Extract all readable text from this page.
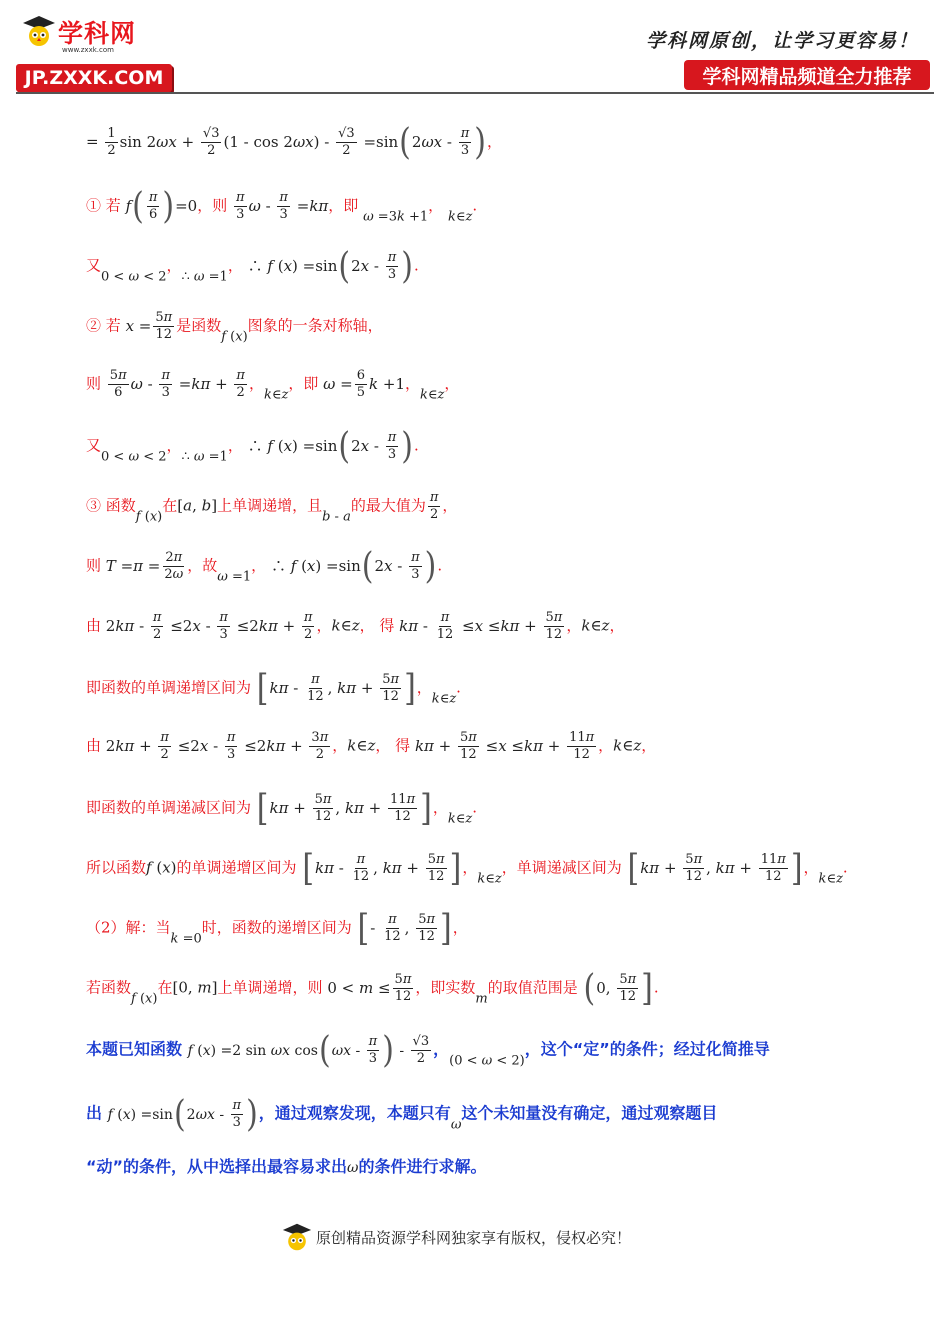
学科网
www.zxxk.com
JP.ZXXK.COM
学科网原创，让学习更容易！
学科网精品频道全力推荐
= $\frac{1}{2}$ $\sin 2\omega x + \frac{√3}{2} (1 - \cos 2\omega x) - \frac{√3}{2} =\sin(2\omega x - \frac{\pi}{3}$ )，
① 若 $f( \frac{\pi}{6} )=0$，则 $\frac{\pi}{3}$ $\omega - \frac{\pi}{3} =k\pi$，即 ω =3k +1， k∈z.
又0 < ω < 2，∴ ω =1， ∴ f $(x) =\sin(2x - \frac{\pi}{3}$ ).
② 若 $x = \frac{5\pi}{12}$ 是函数f (x)图象的一条对称轴，
则 $\frac{5\pi}{6}$ $\omega - \frac{\pi}{3} =k\pi + \frac{\pi}{2}$ ，k∈z，即 $\omega = \frac{6}{5}$ k +1，k∈z，
又0 < ω < 2，∴ ω =1， ∴ f $(x) =\sin(2x - \frac{\pi}{3}$ ).
③ 函数f (x)在[a, b]上单调递增，且b - a的最大值为 $\frac{\pi}{2}$ ，
则 $T =\pi = \frac{2\pi}{2\omega}$ ，故ω =1， ∴ f $(x) =\sin(2x - \frac{\pi}{3}$ ).
由 $2k\pi - \frac{\pi}{2} \le 2x - \frac{\pi}{3} \le 2k\pi + \frac{\pi}{2}$ ，k∈z， 得 $k\pi - \frac{\pi}{12} \le x \le k\pi + \frac{5\pi}{12}$ ，k∈z，
即函数的单调递增区间为 [$k\pi - \frac{\pi}{12}$ , $k\pi + \frac{5\pi}{12}$ ]，k∈z.
由 $2k\pi + \frac{\pi}{2} \le 2x - \frac{\pi}{3} \le 2k\pi + \frac{3\pi}{2}$ ，k∈z， 得 $k\pi + \frac{5\pi}{12} \le x \le k\pi + \frac{11\pi}{12}$ ，k∈z，
即函数的单调递减区间为 [$k\pi + \frac{5\pi}{12}$ , $k\pi + \frac{11\pi}{12}$ ]，k∈z.
所以函数f (x)的单调递增区间为 [$k\pi - \frac{\pi}{12}$ , $k\pi + \frac{5\pi}{12}$ ]，k∈z，单调递减区间为 [$k\pi + \frac{5\pi}{12}$ , $k\pi + \frac{11\pi}{12}$ ]，k∈z.
（2）解：当k =0时，函数的递增区间为 [- $\frac{\pi}{12}$ , $\frac{5\pi}{12}$ ]，
若函数f (x)在[0, m]上单调递增，则 $0 < m \le \frac{5\pi}{12}$ ，即实数m的取值范围是 (0, $\frac{5\pi}{12}$ ].
本题已知函数 f (x) =2 sin ωx $\cos(\omega x - \frac{\pi}{3}$ ) - $\frac{√3}{2}$ ，$_{(0 < \omega < 2)}$，这个“定”的条件；经过化简推导
出 f $(x) =\sin(2\omega x - \frac{\pi}{3}$ )，通过观察发现，本题只有$_\omega$这个未知量没有确定，通过观察题目
“动”的条件，从中选择出最容易求出ω的条件进行求解。
原创精品资源学科网独家享有版权，侵权必究！
